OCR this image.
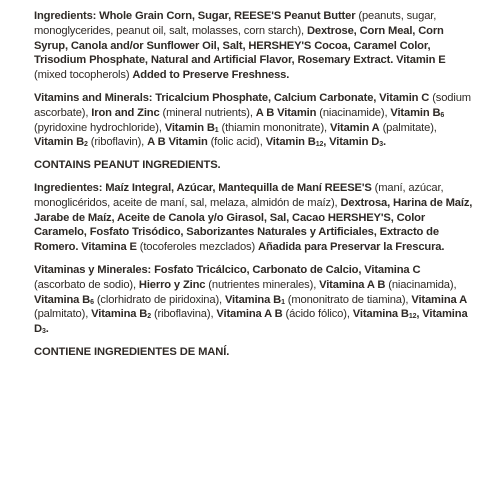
Ingredients: Whole Grain Corn, Sugar, REESE'S Peanut Butter (peanuts, sugar, monoglycerides, peanut oil, salt, molasses, corn starch), Dextrose, Corn Meal, Corn Syrup, Canola and/or Sunflower Oil, Salt, HERSHEY'S Cocoa, Caramel Color, Trisodium Phosphate, Natural and Artificial Flavor, Rosemary Extract. Vitamin E (mixed tocopherols) Added to Preserve Freshness.

Vitamins and Minerals: Tricalcium Phosphate, Calcium Carbonate, Vitamin C (sodium ascorbate), Iron and Zinc (mineral nutrients), A B Vitamin (niacinamide), Vitamin $B_6$ (pyridoxine hydrochloride), Vitamin $B_1$ (thiamin mononitrate), Vitamin A (palmitate), Vitamin $B_2$ (riboflavin), A B Vitamin (folic acid), Vitamin $B_{12}$, Vitamin $D_3$.

CONTAINS PEANUT INGREDIENTS.

Ingredientes: Maíz Integral, Azúcar, Mantequilla de Maní REESE'S (maní, azúcar, monoglicéridos, aceite de maní, sal, melaza, almidón de maíz), Dextrosa, Harina de Maíz, Jarabe de Maíz, Aceite de Canola y/o Girasol, Sal, Cacao HERSHEY'S, Color Caramelo, Fosfato Trisódico, Saborizantes Naturales y Artificiales, Extracto de Romero. Vitamina E (tocoferoles mezclados) Añadida para Preservar la Frescura.

Vitaminas y Minerales: Fosfato Tricálcico, Carbonato de Calcio, Vitamina C (ascorbato de sodio), Hierro y Zinc (nutrientes minerales), Vitamina A B (niacinamida), Vitamina $B_6$ (clorhidrato de piridoxina), Vitamina $B_1$ (mononitrato de tiamina), Vitamina A (palmitato), Vitamina $B_2$ (riboflavina), Vitamina A B (ácido fólico), Vitamina $B_{12}$, Vitamina $D_3$.

CONTIENE INGREDIENTES DE MANÍ.
